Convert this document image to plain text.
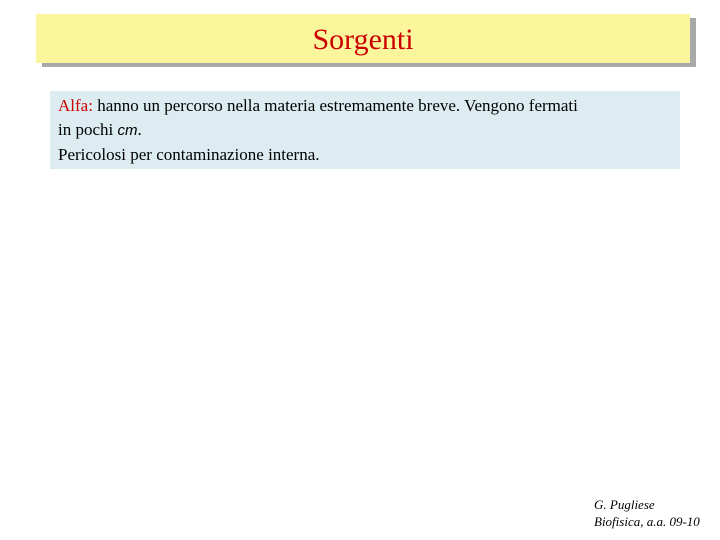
Sorgenti
Alfa: hanno un percorso nella materia estremamente breve. Vengono fermati
in pochi cm.
Pericolosi per contaminazione interna.
G. Pugliese
Biofisica, a.a. 09-10
